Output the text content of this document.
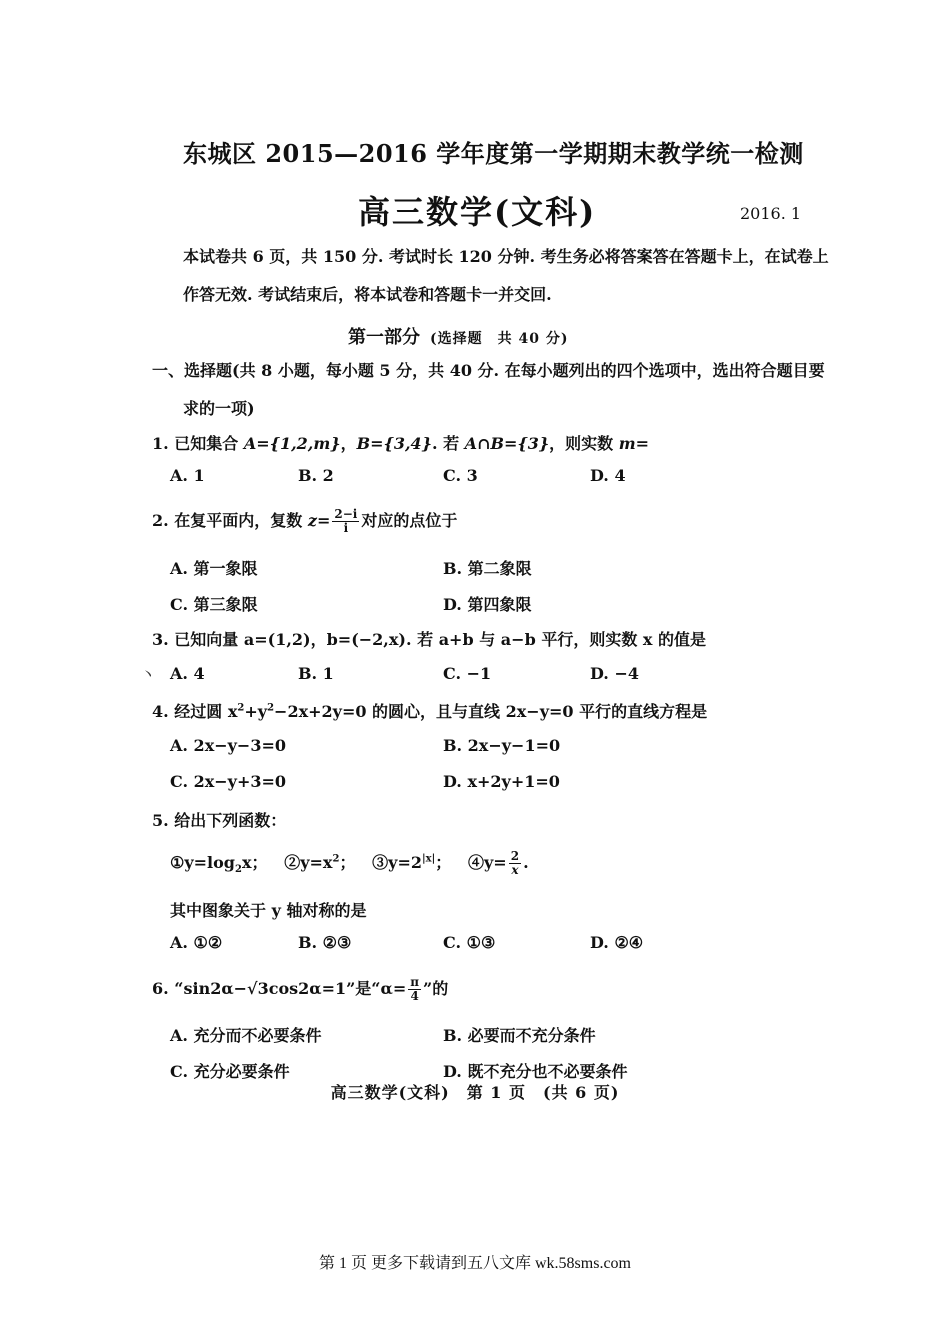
东城区 2015—2016 学年度第一学期期末教学统一检测
高三数学(文科)	2016. 1
本试卷共 6 页，共 150 分. 考试时长 120 分钟. 考生务必将答案答在答题卡上，在试卷上
作答无效. 考试结束后，将本试卷和答题卡一并交回.
第一部分 (选择题　共 40 分)
一、选择题(共 8 小题，每小题 5 分，共 40 分. 在每小题列出的四个选项中，选出符合题目要
求的一项)
1. 已知集合 A={1,2,m}，B={3,4}. 若 A∩B={3}，则实数 m=
A. 1	B. 2	C. 3	D. 4
2. 在复平面内，复数 $z= \frac{2-i}{i}$ 对应的点位于
A. 第一象限	B. 第二象限
C. 第三象限	D. 第四象限
3. 已知向量 a=(1,2)，b=(−2,x). 若 a+b 与 a−b 平行，则实数 x 的值是
丶 A. 4	B. 1	C. −1	D. −4
4. 经过圆 $x^2+y^2-2x+2y=0$ 的圆心，且与直线 2x−y=0 平行的直线方程是
A. 2x−y−3=0	B. 2x−y−1=0
C. 2x−y+3=0	D. x+2y+1=0
5. 给出下列函数：
$①y=\log_2x$； $②y=x^2$； $③y=2^{|x|}$； ④y= $\frac{2}{x}$ .
其中图象关于 y 轴对称的是
A. ①②	B. ②③	C. ①③	D. ②④
6. “sin2α−√3cos2α=1”是“$\alpha= \frac{\pi}{4}$ ”的
A. 充分而不必要条件	B. 必要而不充分条件
C. 充分必要条件	D. 既不充分也不必要条件
高三数学(文科)　第 1 页　(共 6 页)
第 1 页 更多下载请到五八文库 wk.58sms.com
